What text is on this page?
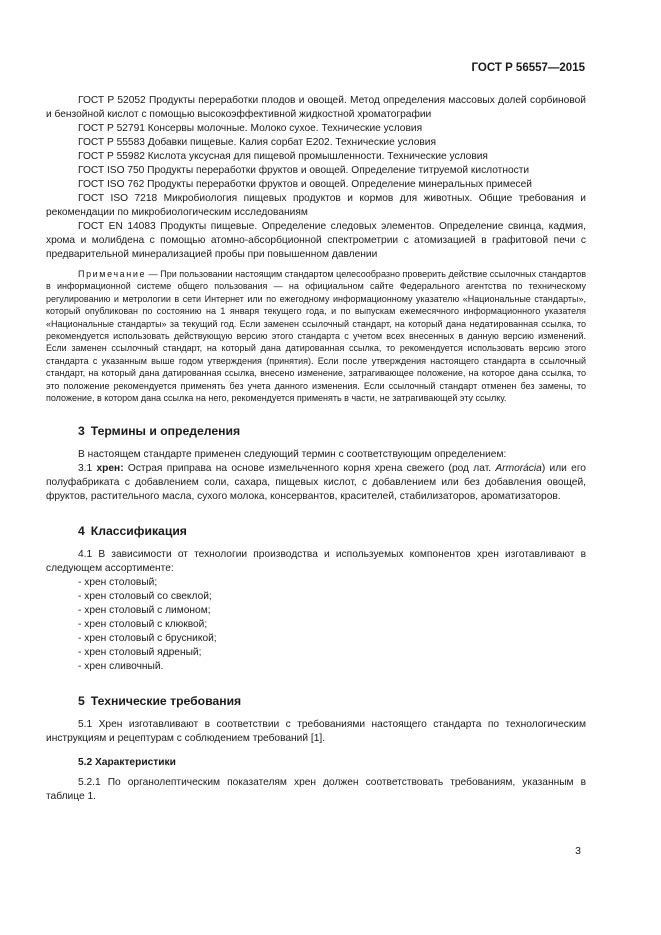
ГОСТ Р 56557—2015

ГОСТ Р 52052 Продукты переработки плодов и овощей. Метод определения массовых долей сорбиновой и бензойной кислот с помощью высокоэффективной жидкостной хроматографии

ГОСТ Р 52791 Консервы молочные. Молоко сухое. Технические условия

ГОСТ Р 55583 Добавки пищевые. Калия сорбат Е202. Технические условия

ГОСТ Р 55982 Кислота уксусная для пищевой промышленности. Технические условия

ГОСТ ISO 750 Продукты переработки фруктов и овощей. Определение титруемой кислотности

ГОСТ ISO 762 Продукты переработки фруктов и овощей. Определение минеральных примесей

ГОСТ ISO 7218 Микробиология пищевых продуктов и кормов для животных. Общие требования и рекомендации по микробиологическим исследованиям

ГОСТ EN 14083 Продукты пищевые. Определение следовых элементов. Определение свинца, кадмия, хрома и молибдена с помощью атомно-абсорбционной спектрометрии с атомизацией в графитовой печи с предварительной минерализацией пробы при повышенном давлении

Примечание — При пользовании настоящим стандартом целесообразно проверить действие ссылочных стандартов в информационной системе общего пользования — на официальном сайте Федерального агентства по техническому регулированию и метрологии в сети Интернет или по ежегодному информационному указателю «Национальные стандарты», который опубликован по состоянию на 1 января текущего года, и по выпускам ежемесячного информационного указателя «Национальные стандарты» за текущий год. Если заменен ссылочный стандарт, на который дана недатированная ссылка, то рекомендуется использовать действующую версию этого стандарта с учетом всех внесенных в данную версию изменений. Если заменен ссылочный стандарт, на который дана датированная ссылка, то рекомендуется использовать версию этого стандарта с указанным выше годом утверждения (принятия). Если после утверждения настоящего стандарта в ссылочный стандарт, на который дана датированная ссылка, внесено изменение, затрагивающее положение, на которое дана ссылка, то это положение рекомендуется применять без учета данного изменения. Если ссылочный стандарт отменен без замены, то положение, в котором дана ссылка на него, рекомендуется применять в части, не затрагивающей эту ссылку.

3 Термины и определения

В настоящем стандарте применен следующий термин с соответствующим определением:

3.1 хрен: Острая приправа на основе измельченного корня хрена свежего (род лат. Armorácia) или его полуфабриката с добавлением соли, сахара, пищевых кислот, с добавлением или без добавления овощей, фруктов, растительного масла, сухого молока, консервантов, красителей, стабилизаторов, ароматизаторов.

4 Классификация

4.1 В зависимости от технологии производства и используемых компонентов хрен изготавливают в следующем ассортименте:

- хрен столовый;
- хрен столовый со свеклой;
- хрен столовый с лимоном;
- хрен столовый с клюквой;
- хрен столовый с брусникой;
- хрен столовый ядреный;
- хрен сливочный.
5 Технические требования

5.1 Хрен изготавливают в соответствии с требованиями настоящего стандарта по технологическим инструкциям и рецептурам с соблюдением требований [1].

5.2 Характеристики

5.2.1 По органолептическим показателям хрен должен соответствовать требованиям, указанным в таблице 1.

3
